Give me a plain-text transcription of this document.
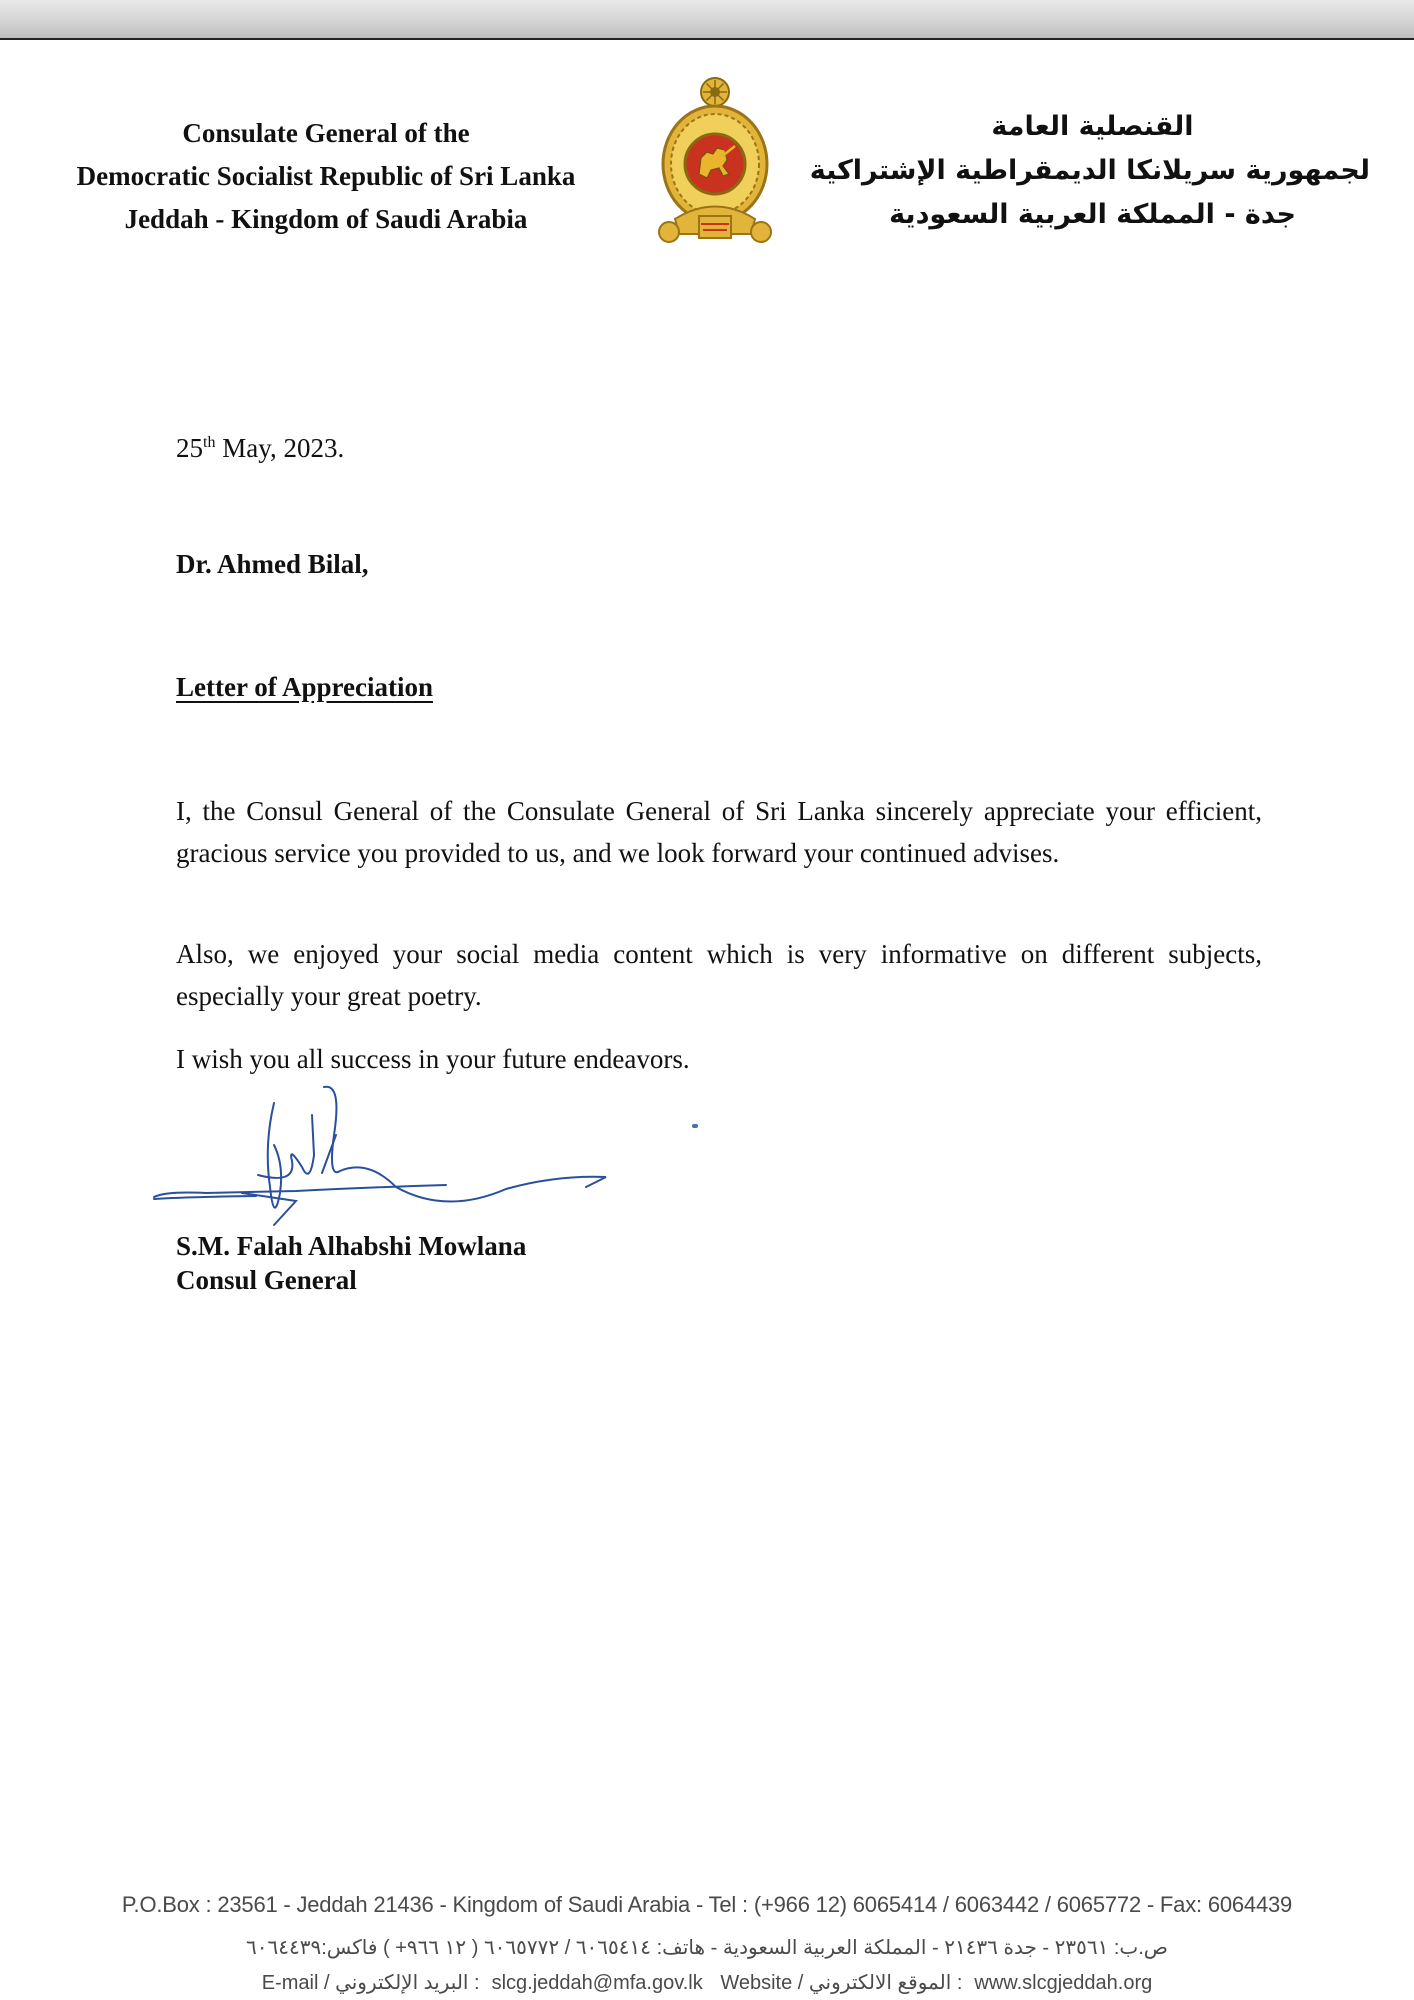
Consulate General of the
Democratic Socialist Republic of Sri Lanka
Jeddah - Kingdom of Saudi Arabia
القنصلية العامة
لجمهورية سريلانكا الديمقراطية الإشتراكية
جدة - المملكة العربية السعودية
25th May, 2023.
Dr. Ahmed Bilal,
Letter of Appreciation
I, the Consul General of the Consulate General of Sri Lanka sincerely appreciate your efficient, gracious service you provided to us, and we look forward your continued advises.
Also, we enjoyed your social media content which is very informative on different subjects, especially your great poetry.
I wish you all success in your future endeavors.
S.M. Falah Alhabshi Mowlana
Consul General
P.O.Box : 23561 - Jeddah 21436 - Kingdom of Saudi Arabia - Tel : (+966 12) 6065414 / 6063442 / 6065772 - Fax: 6064439
ص.ب: ٢٣٥٦١ - جدة ٢١٤٣٦ - المملكة العربية السعودية - هاتف: ٦٠٦٥٤١٤ / ٦٠٦٥٧٧٢ ( ١٢ ٩٦٦+ ) فاكس:٦٠٦٤٤٣٩
E-mail / البريد الإلكتروني : slcg.jeddah@mfa.gov.lk Website / الموقع الالكتروني : www.slcgjeddah.org
